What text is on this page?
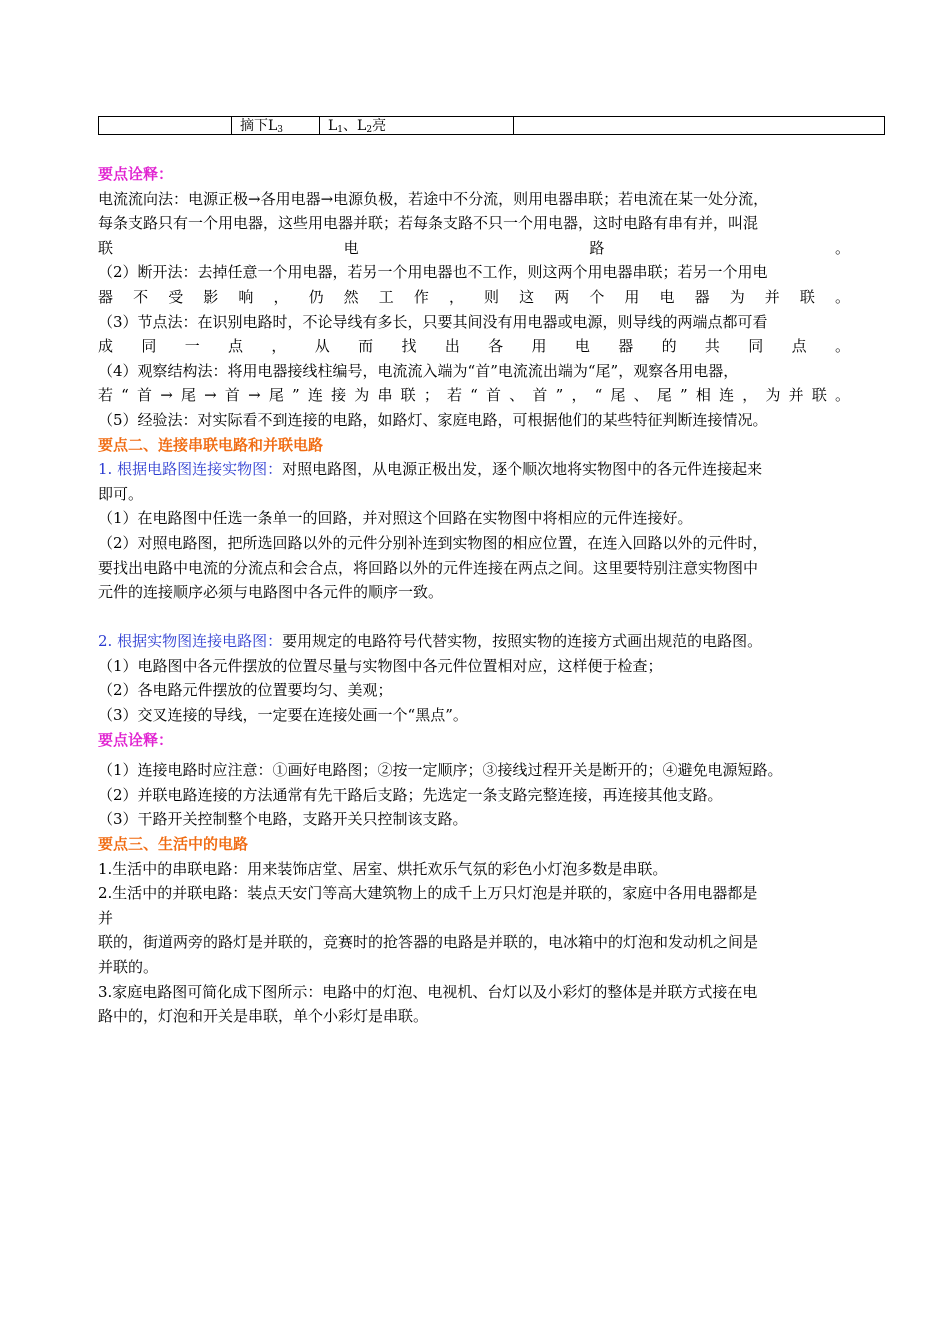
摘下$L_3$	$L_1$、$L_2$亮
要点诠释：
电流流向法：电源正极→各用电器→电源负极，若途中不分流，则用电器串联；若电流在某一处分流，
每条支路只有一个用电器，这些用电器并联；若每条支路不只一个用电器，这时电路有串有并，叫混
联电路。
（2）断开法：去掉任意一个用电器，若另一个用电器也不工作，则这两个用电器串联；若另一个用电
器不受影响，仍然工作，则这两个用电器为并联。
（3）节点法：在识别电路时，不论导线有多长，只要其间没有用电器或电源，则导线的两端点都可看
成同一点，从而找出各用电器的共同点。
（4）观察结构法：将用电器接线柱编号，电流流入端为“首”电流流出端为“尾”，观察各用电器，
若“首→尾→首→尾”连接为串联；若“首、首”，“尾、尾”相连，为并联。
（5）经验法：对实际看不到连接的电路，如路灯、家庭电路，可根据他们的某些特征判断连接情况。
要点二、连接串联电路和并联电路
1. 根据电路图连接实物图：对照电路图，从电源正极出发，逐个顺次地将实物图中的各元件连接起来
即可。
（1）在电路图中任选一条单一的回路，并对照这个回路在实物图中将相应的元件连接好。
（2）对照电路图，把所选回路以外的元件分别补连到实物图的相应位置，在连入回路以外的元件时，
要找出电路中电流的分流点和会合点，将回路以外的元件连接在两点之间。这里要特别注意实物图中
元件的连接顺序必须与电路图中各元件的顺序一致。
2. 根据实物图连接电路图：要用规定的电路符号代替实物，按照实物的连接方式画出规范的电路图。
（1）电路图中各元件摆放的位置尽量与实物图中各元件位置相对应，这样便于检查；
（2）各电路元件摆放的位置要均匀、美观；
（3）交叉连接的导线，一定要在连接处画一个“黑点”。
要点诠释：
（1）连接电路时应注意：①画好电路图；②按一定顺序；③接线过程开关是断开的；④避免电源短路。
（2）并联电路连接的方法通常有先干路后支路；先选定一条支路完整连接，再连接其他支路。
（3）干路开关控制整个电路，支路开关只控制该支路。
要点三、生活中的电路
1.生活中的串联电路：用来装饰店堂、居室、烘托欢乐气氛的彩色小灯泡多数是串联。
2.生活中的并联电路：装点天安门等高大建筑物上的成千上万只灯泡是并联的，家庭中各用电器都是
并
联的，街道两旁的路灯是并联的，竞赛时的抢答器的电路是并联的，电冰箱中的灯泡和发动机之间是
并联的。
3.家庭电路图可简化成下图所示：电路中的灯泡、电视机、台灯以及小彩灯的整体是并联方式接在电
路中的，灯泡和开关是串联，单个小彩灯是串联。
